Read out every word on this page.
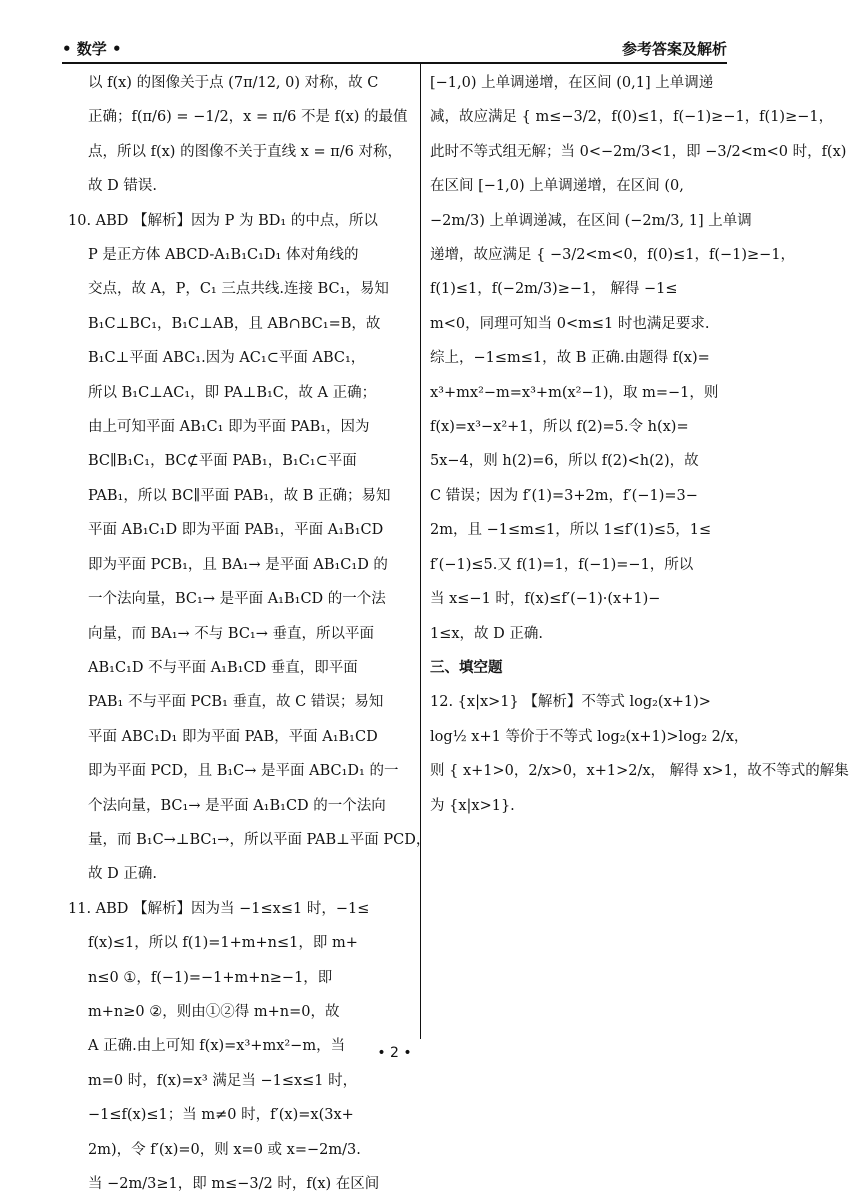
• 数学 •	参考答案及解析
以 f(x) 的图像关于点 (7π/12, 0) 对称，故 C
正确；f(π/6) = −1/2，x = π/6 不是 f(x) 的最值
点，所以 f(x) 的图像不关于直线 x = π/6 对称，
故 D 错误.
10. ABD 【解析】因为 P 为 BD₁ 的中点，所以
P 是正方体 ABCD-A₁B₁C₁D₁ 体对角线的
交点，故 A，P，C₁ 三点共线.连接 BC₁，易知
B₁C⊥BC₁，B₁C⊥AB，且 AB∩BC₁=B，故
B₁C⊥平面 ABC₁.因为 AC₁⊂平面 ABC₁，
所以 B₁C⊥AC₁，即 PA⊥B₁C，故 A 正确；
由上可知平面 AB₁C₁ 即为平面 PAB₁，因为
BC∥B₁C₁，BC⊄平面 PAB₁，B₁C₁⊂平面
PAB₁，所以 BC∥平面 PAB₁，故 B 正确；易知
平面 AB₁C₁D 即为平面 PAB₁，平面 A₁B₁CD
即为平面 PCB₁，且 BA₁→ 是平面 AB₁C₁D 的
一个法向量，BC₁→ 是平面 A₁B₁CD 的一个法
向量，而 BA₁→ 不与 BC₁→ 垂直，所以平面
AB₁C₁D 不与平面 A₁B₁CD 垂直，即平面
PAB₁ 不与平面 PCB₁ 垂直，故 C 错误；易知
平面 ABC₁D₁ 即为平面 PAB，平面 A₁B₁CD
即为平面 PCD，且 B₁C→ 是平面 ABC₁D₁ 的一
个法向量，BC₁→ 是平面 A₁B₁CD 的一个法向
量，而 B₁C→⊥BC₁→，所以平面 PAB⊥平面 PCD，
故 D 正确.
11. ABD 【解析】因为当 −1≤x≤1 时，−1≤
f(x)≤1，所以 f(1)=1+m+n≤1，即 m+
n≤0 ①，f(−1)=−1+m+n≥−1，即
m+n≥0 ②，则由①②得 m+n=0，故
A 正确.由上可知 f(x)=x³+mx²−m，当
m=0 时，f(x)=x³ 满足当 −1≤x≤1 时，
−1≤f(x)≤1；当 m≠0 时，f′(x)=x(3x+
2m)，令 f′(x)=0，则 x=0 或 x=−2m/3.
当 −2m/3≥1，即 m≤−3/2 时，f(x) 在区间
[−1,0) 上单调递增，在区间 (0,1] 上单调递
减，故应满足 { m≤−3/2，f(0)≤1，f(−1)≥−1，f(1)≥−1，
此时不等式组无解；当 0<−2m/3<1，即 −3/2<m<0 时，f(x)
在区间 [−1,0) 上单调递增，在区间 (0,
−2m/3) 上单调递减，在区间 (−2m/3, 1] 上单调
递增，故应满足 { −3/2<m<0，f(0)≤1，f(−1)≥−1，
f(1)≤1，f(−2m/3)≥−1， 解得 −1≤
m<0，同理可知当 0<m≤1 时也满足要求.
综上，−1≤m≤1，故 B 正确.由题得 f(x)=
x³+mx²−m=x³+m(x²−1)，取 m=−1，则
f(x)=x³−x²+1，所以 f(2)=5.令 h(x)=
5x−4，则 h(2)=6，所以 f(2)<h(2)，故
C 错误；因为 f′(1)=3+2m，f′(−1)=3−
2m，且 −1≤m≤1，所以 1≤f′(1)≤5，1≤
f′(−1)≤5.又 f(1)=1，f(−1)=−1，所以
当 x≤−1 时，f(x)≤f′(−1)·(x+1)−
1≤x，故 D 正确.
三、填空题
12. {x|x>1} 【解析】不等式 log₂(x+1)>
log½ x+1 等价于不等式 log₂(x+1)>log₂ 2/x，
则 { x+1>0，2/x>0，x+1>2/x， 解得 x>1，故不等式的解集
为 {x|x>1}.
• 2 •
